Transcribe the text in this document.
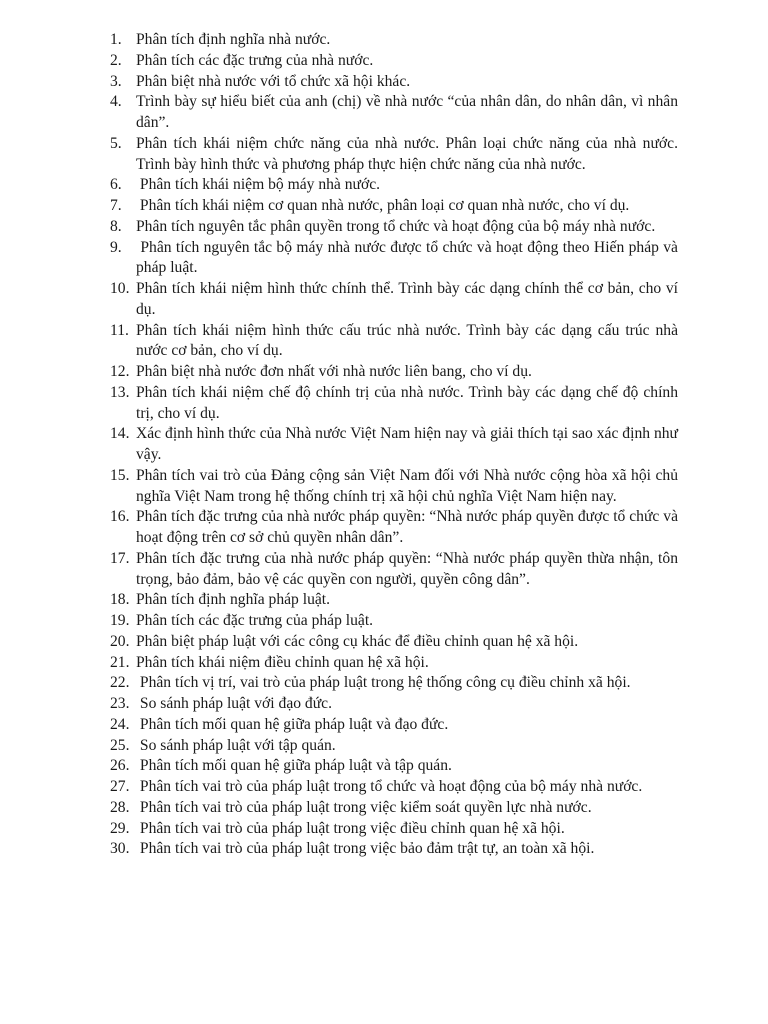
1. Phân tích định nghĩa nhà nước.
2. Phân tích các đặc trưng của nhà nước.
3. Phân biệt nhà nước với tổ chức xã hội khác.
4. Trình bày sự hiểu biết của anh (chị) về nhà nước “của nhân dân, do nhân dân, vì nhân dân”.
5. Phân tích khái niệm chức năng của nhà nước. Phân loại chức năng của nhà nước. Trình bày hình thức và phương pháp thực hiện chức năng của nhà nước.
6. Phân tích khái niệm bộ máy nhà nước.
7. Phân tích khái niệm cơ quan nhà nước, phân loại cơ quan nhà nước, cho ví dụ.
8. Phân tích nguyên tắc phân quyền trong tổ chức và hoạt động của bộ máy nhà nước.
9. Phân tích nguyên tắc bộ máy nhà nước được tổ chức và hoạt động theo Hiến pháp và pháp luật.
10. Phân tích khái niệm hình thức chính thể. Trình bày các dạng chính thể cơ bản, cho ví dụ.
11. Phân tích khái niệm hình thức cấu trúc nhà nước. Trình bày các dạng cấu trúc nhà nước cơ bản, cho ví dụ.
12. Phân biệt nhà nước đơn nhất với nhà nước liên bang, cho ví dụ.
13. Phân tích khái niệm chế độ chính trị của nhà nước. Trình bày các dạng chế độ chính trị, cho ví dụ.
14. Xác định hình thức của Nhà nước Việt Nam hiện nay và giải thích tại sao xác định như vậy.
15. Phân tích vai trò của Đảng cộng sản Việt Nam đối với Nhà nước cộng hòa xã hội chủ nghĩa Việt Nam trong hệ thống chính trị xã hội chủ nghĩa Việt Nam hiện nay.
16. Phân tích đặc trưng của nhà nước pháp quyền: “Nhà nước pháp quyền được tổ chức và hoạt động trên cơ sở chủ quyền nhân dân”.
17. Phân tích đặc trưng của nhà nước pháp quyền: “Nhà nước pháp quyền thừa nhận, tôn trọng, bảo đảm, bảo vệ các quyền con người, quyền công dân”.
18. Phân tích định nghĩa pháp luật.
19. Phân tích các đặc trưng của pháp luật.
20. Phân biệt pháp luật với các công cụ khác để điều chỉnh quan hệ xã hội.
21. Phân tích khái niệm điều chỉnh quan hệ xã hội.
22. Phân tích vị trí, vai trò của pháp luật trong hệ thống công cụ điều chỉnh xã hội.
23. So sánh pháp luật với đạo đức.
24. Phân tích mối quan hệ giữa pháp luật và đạo đức.
25. So sánh pháp luật với tập quán.
26. Phân tích mối quan hệ giữa pháp luật và tập quán.
27. Phân tích vai trò của pháp luật trong tổ chức và hoạt động của bộ máy nhà nước.
28. Phân tích vai trò của pháp luật trong việc kiểm soát quyền lực nhà nước.
29. Phân tích vai trò của pháp luật trong việc điều chỉnh quan hệ xã hội.
30. Phân tích vai trò của pháp luật trong việc bảo đảm trật tự, an toàn xã hội.
